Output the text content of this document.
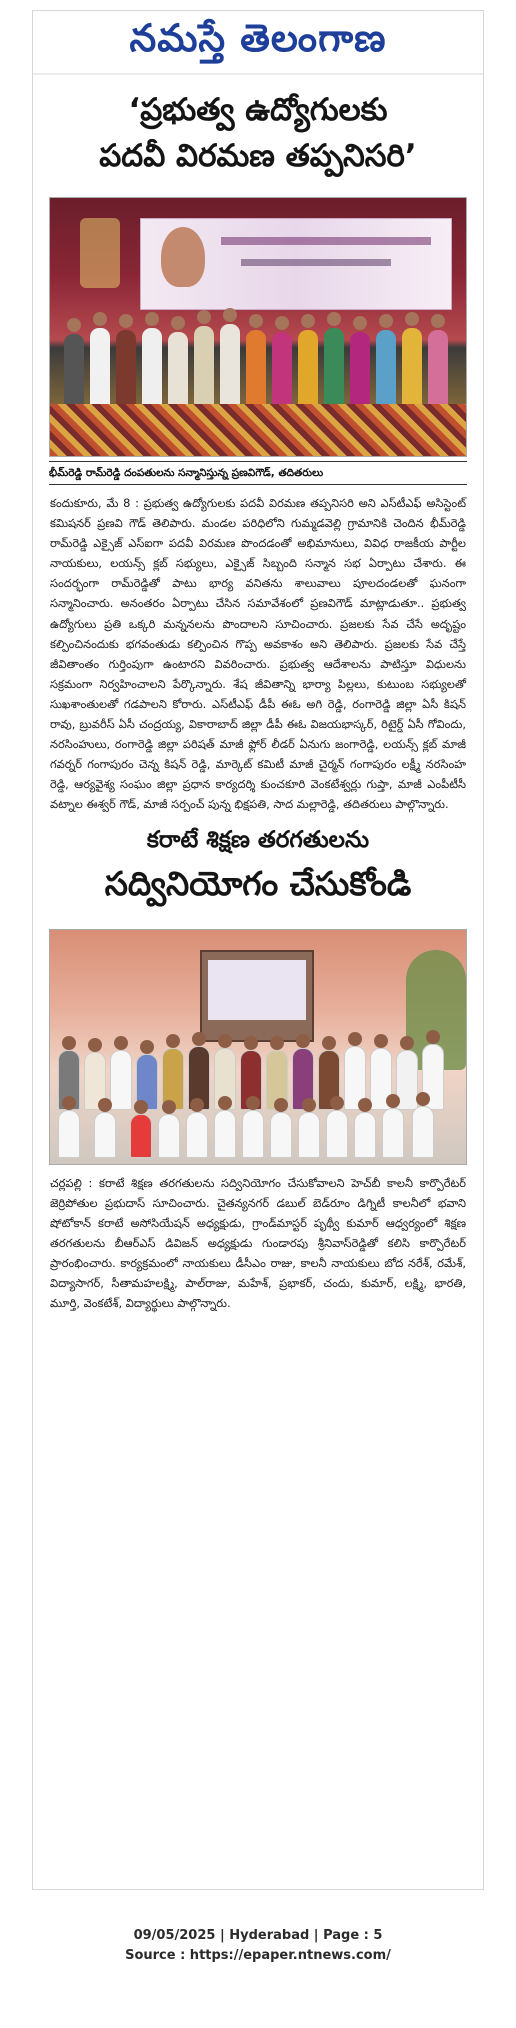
నమస్తే తెలంగాణ
‘ప్రభుత్వ ఉద్యోగులకు
పదవీ విరమణ తప్పనిసరి’
భీమ్‌రెడ్డి రామ్‌రెడ్డి దంపతులను సన్మానిస్తున్న ప్రణవిగౌడ్‌, తదితరులు

కందుకూరు, మే 8 : ప్రభుత్వ ఉద్యోగులకు పదవీ విరమణ తప్పనిసరి అని ఎస్‌టీఎఫ్‌ అసిస్టెంట్‌ కమిషనర్‌ ప్రణవి గౌడ్‌ తెలిపారు. మండల పరిధిలోని గుమ్మడవెల్లి గ్రామానికి చెందిన భీమ్‌రెడ్డి రామ్‌రెడ్డి ఎక్సైజ్‌ ఎస్‌ఐగా పదవీ విరమణ పొందడంతో అభిమానులు, వివిధ రాజకీయ పార్టీల నాయకులు, లయన్స్‌ క్లబ్‌ సభ్యులు, ఎక్సైజ్‌ సిబ్బంది సన్మాన సభ ఏర్పాటు చేశారు. ఈ సందర్భంగా రామ్‌రెడ్డితో పాటు భార్య వనితను శాలువాలు పూలదండలతో ఘనంగా సన్మానించారు. అనంతరం ఏర్పాటు చేసిన సమావేశంలో ప్రణవిగౌడ్‌ మాట్లాడుతూ.. ప్రభుత్వ ఉద్యోగులు ప్రతి ఒక్కరి మన్ననలను పొందాలని సూచించారు. ప్రజలకు సేవ చేసే అదృష్టం కల్పించినందుకు భగవంతుడు కల్పించిన గొప్ప అవకాశం అని తెలిపారు. ప్రజలకు సేవ చేస్తే జీవితాంతం గుర్తింపుగా ఉంటారని వివరించారు. ప్రభుత్వ ఆదేశాలను పాటిస్తూ విధులను సక్రమంగా నిర్వహించాలని పేర్కొన్నారు. శేష జీవితాన్ని భార్యా పిల్లలు, కుటుంబ సభ్యులతో సుఖశాంతులతో గడపాలని కోరారు. ఎస్‌టీఎఫ్‌ డీపీ ఈఓ అగి రెడ్డి, రంగారెడ్డి జిల్లా ఏసీ కిషన్‌ రావు, బ్రువరీస్‌ ఏసీ చంద్రయ్య, వికారాబాద్‌ జిల్లా డీపీ ఈఓ విజయభాస్కర్‌, రిటైర్డ్‌ ఏసీ గోవిందు, నరసింహులు, రంగారెడ్డి జిల్లా పరిషత్‌ మాజీ ఫ్లోర్‌ లీడర్‌ ఏనుగు జంగారెడ్డి, లయన్స్‌ క్లబ్‌ మాజీ గవర్నర్‌ గంగాపురం చెన్న కిషన్‌ రెడ్డి, మార్కెట్‌ కమిటీ మాజీ చైర్మన్‌ గంగాపురం లక్ష్మీ నరసింహ రెడ్డి, ఆర్యవైశ్య సంఘం జిల్లా ప్రధాన కార్యదర్శి కుంచకూరి వెంకటేశ్వర్లు గుప్తా, మాజీ ఎంపీటీసీ వట్నాల ఈశ్వర్‌ గౌడ్‌, మాజీ సర్పంచ్‌ పున్న భిక్షపతి, సాద మల్లారెడ్డి, తదితరులు పాల్గొన్నారు.

కరాటే శిక్షణ తరగతులను
సద్వినియోగం చేసుకోండి

చర్లపల్లి : కరాటే శిక్షణ తరగతులను సద్వినియోగం చేసుకోవాలని హెచ్‌బీ కాలనీ కార్పొరేటర్‌ జెర్రిపోతుల ప్రభుదాస్‌ సూచించారు. చైతన్యనగర్‌ డబుల్‌ బెడ్‌రూం డిగ్నిటీ కాలనీలో భవాని షోటోకాన్‌ కరాటే అసోసియేషన్‌ అధ్యక్షుడు, గ్రాండ్‌మాస్టర్‌ పృథ్వీ కుమార్‌ ఆధ్వర్యంలో శిక్షణ తరగతులను బీఆర్‌ఎస్‌ డివిజన్‌ అధ్యక్షుడు గుండారపు శ్రీనివాస్‌రెడ్డితో కలిసి కార్పొరేటర్‌ ప్రారంభించారు. కార్యక్రమంలో నాయకులు డీసీఎం రాజు, కాలనీ నాయకులు బోద నరేశ్‌, రమేశ్‌, విద్యాసాగర్‌, సీతామహలక్ష్మి, పాల్‌రాజు, మహేశ్‌, ప్రభాకర్‌, చందు, కుమార్‌, లక్ష్మి, భారతి, మూర్తి, వెంకటేశ్‌, విద్యార్థులు పాల్గొన్నారు.

09/05/2025 | Hyderabad | Page : 5
Source : https://epaper.ntnews.com/
